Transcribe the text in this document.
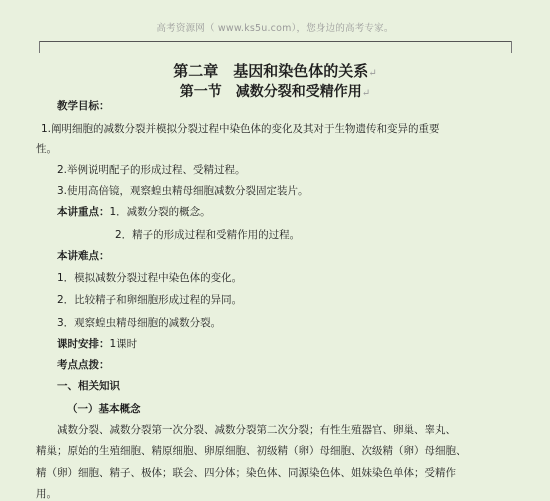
高考资源网（ www.ks5u.com），您身边的高考专家。
第二章　基因和染色体的关系↵
第一节　减数分裂和受精作用↵
教学目标：
1.阐明细胞的减数分裂并模拟分裂过程中染色体的变化及其对于生物遗传和变异的重要
性。
2.举例说明配子的形成过程、受精过程。
3.使用高倍镜，观察蝗虫精母细胞减数分裂固定装片。
本讲重点：1．减数分裂的概念。
2．精子的形成过程和受精作用的过程。
本讲难点：
1．模拟减数分裂过程中染色体的变化。
2．比较精子和卵细胞形成过程的异同。
3．观察蝗虫精母细胞的减数分裂。
课时安排：1课时
考点点拨：
一、相关知识
（一）基本概念
减数分裂、减数分裂第一次分裂、减数分裂第二次分裂；有性生殖器官、卵巢、睾丸、
精巢；原始的生殖细胞、精原细胞、卵原细胞、初级精（卵）母细胞、次级精（卵）母细胞、
精（卵）细胞、精子、极体；联会、四分体；染色体、同源染色体、姐妹染色单体；受精作
用。
